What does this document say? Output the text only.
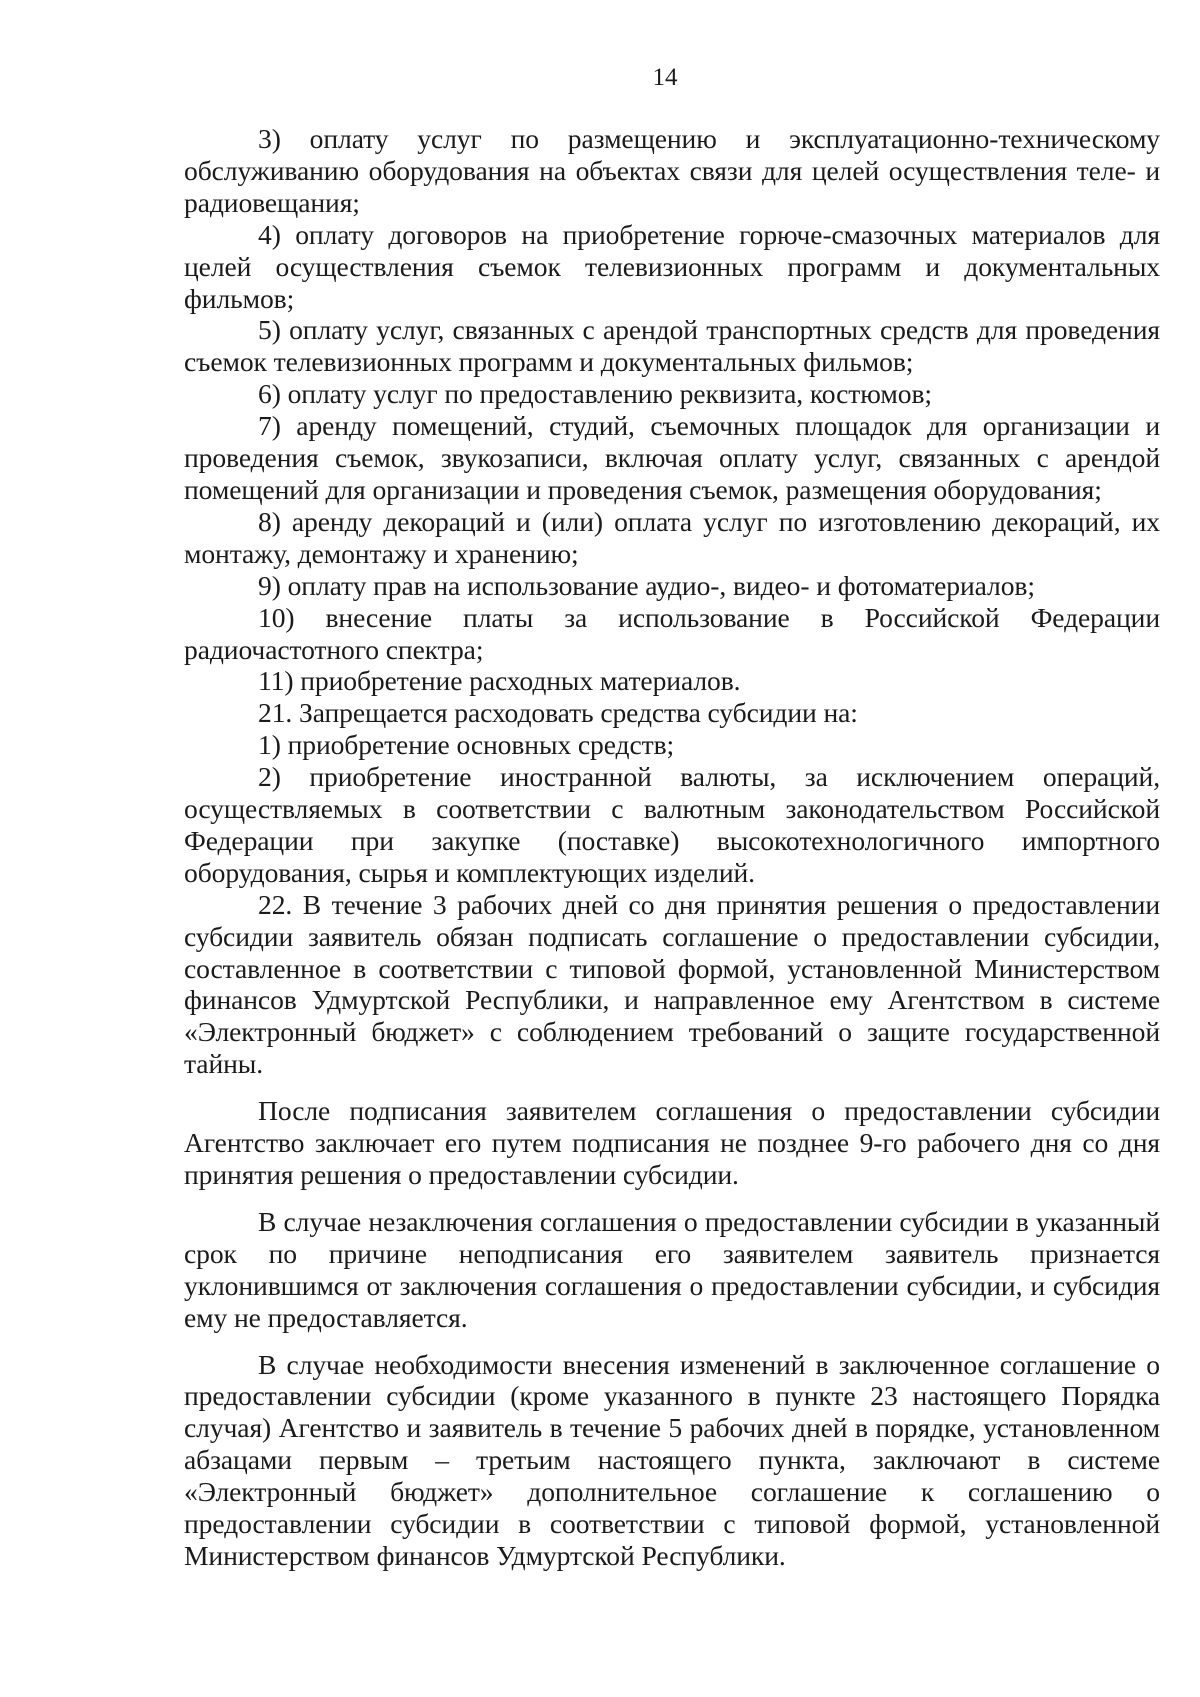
14

3) оплату услуг по размещению и эксплуатационно-техническому обслуживанию оборудования на объектах связи для целей осуществления теле- и радиовещания;

4) оплату договоров на приобретение горюче-смазочных материалов для целей осуществления съемок телевизионных программ и документальных фильмов;

5) оплату услуг, связанных с арендой транспортных средств для проведения съемок телевизионных программ и документальных фильмов;

6) оплату услуг по предоставлению реквизита, костюмов;

7) аренду помещений, студий, съемочных площадок для организации и проведения съемок, звукозаписи, включая оплату услуг, связанных с арендой помещений для организации и проведения съемок, размещения оборудования;

8) аренду декораций и (или) оплата услуг по изготовлению декораций, их монтажу, демонтажу и хранению;

9) оплату прав на использование аудио-, видео- и фотоматериалов;

10) внесение платы за использование в Российской Федерации радиочастотного спектра;

11) приобретение расходных материалов.

21. Запрещается расходовать средства субсидии на:

1) приобретение основных средств;

2) приобретение иностранной валюты, за исключением операций, осуществляемых в соответствии с валютным законодательством Российской Федерации при закупке (поставке) высокотехнологичного импортного оборудования, сырья и комплектующих изделий.

22. В течение 3 рабочих дней со дня принятия решения о предоставлении субсидии заявитель обязан подписать соглашение о предоставлении субсидии, составленное в соответствии с типовой формой, установленной Министерством финансов Удмуртской Республики, и направленное ему Агентством в системе «Электронный бюджет» с соблюдением требований о защите государственной тайны.

После подписания заявителем соглашения о предоставлении субсидии Агентство заключает его путем подписания не позднее 9-го рабочего дня со дня принятия решения о предоставлении субсидии.

В случае незаключения соглашения о предоставлении субсидии в указанный срок по причине неподписания его заявителем заявитель признается уклонившимся от заключения соглашения о предоставлении субсидии, и субсидия ему не предоставляется.

В случае необходимости внесения изменений в заключенное соглашение о предоставлении субсидии (кроме указанного в пункте 23 настоящего Порядка случая) Агентство и заявитель в течение 5 рабочих дней в порядке, установленном абзацами первым – третьим настоящего пункта, заключают в системе «Электронный бюджет» дополнительное соглашение к соглашению о предоставлении субсидии в соответствии с типовой формой, установленной Министерством финансов Удмуртской Республики.
